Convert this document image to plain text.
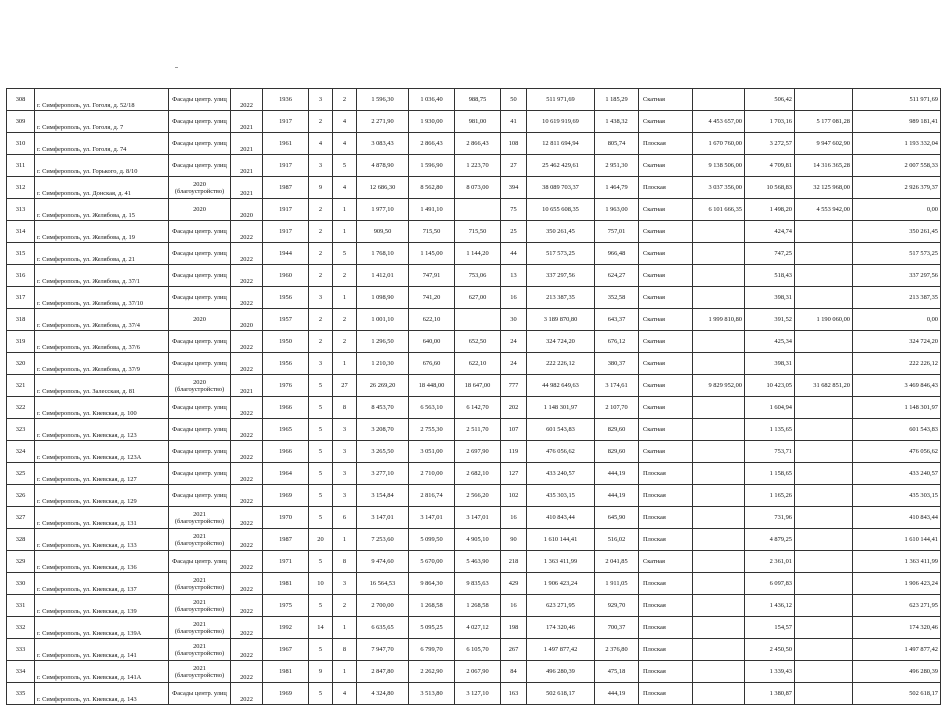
308	г. Симферополь, ул. Гоголя, д. 52/18	Фасады центр. улиц	2022	1936	3	2	1 596,30	1 036,40	988,75	50	511 971,69	1 185,29	Скатная		506,42		511 971,69
309	г. Симферополь, ул. Гоголя, д. 7	Фасады центр. улиц	2021	1917	2	4	2 271,90	1 930,00	981,00	41	10 619 919,69	1 438,32	Скатная	4 453 657,00	1 703,16	5 177 081,28	989 181,41
310	г. Симферополь, ул. Гоголя, д. 74	Фасады центр. улиц	2021	1961	4	4	3 083,43	2 866,43	2 866,43	108	12 811 694,94	805,74	Плоская	1 670 760,00	3 272,57	9 947 602,90	1 193 332,04
311	г. Симферополь, ул. Горького, д. 8/10	Фасады центр. улиц	2021	1917	3	5	4 878,90	1 596,90	1 223,70	27	25 462 429,61	2 951,30	Скатная	9 138 506,00	4 709,81	14 316 365,28	2 007 558,33
312	г. Симферополь, ул. Донская, д. 41	2020 (благоустройство)	2021	1987	9	4	12 686,30	8 562,80	8 073,00	394	38 089 703,37	1 464,79	Плоская	3 037 356,00	10 568,83	32 125 968,00	2 926 379,37
313	г. Симферополь, ул. Желябова, д. 15	2020	2020	1917	2	1	1 977,10	1 491,10		75	10 655 608,35	1 963,00	Скатная	6 101 666,35	1 498,20	4 553 942,00	0,00
314	г. Симферополь, ул. Желябова, д. 19	Фасады центр. улиц	2022	1917	2	1	909,50	715,50	715,50	25	350 261,45	757,01	Скатная		424,74		350 261,45
315	г. Симферополь, ул. Желябова, д. 21	Фасады центр. улиц	2022	1944	2	5	1 768,10	1 145,00	1 144,20	44	517 573,25	966,48	Скатная		747,25		517 573,25
316	г. Симферополь, ул. Желябова, д. 37/1	Фасады центр. улиц	2022	1960	2	2	1 412,01	747,91	753,06	13	337 297,56	624,27	Скатная		518,43		337 297,56
317	г. Симферополь, ул. Желябова, д. 37/10	Фасады центр. улиц	2022	1956	3	1	1 098,90	741,20	627,00	16	213 387,35	352,58	Скатная		398,31		213 387,35
318	г. Симферополь, ул. Желябова, д. 37/4	2020	2020	1957	2	2	1 001,10	622,10		30	3 189 870,80	643,37	Скатная	1 999 810,80	391,52	1 190 060,00	0,00
319	г. Симферополь, ул. Желябова, д. 37/6	Фасады центр. улиц	2022	1950	2	2	1 296,50	640,00	652,50	24	324 724,20	676,12	Скатная		425,34		324 724,20
320	г. Симферополь, ул. Желябова, д. 37/9	Фасады центр. улиц	2022	1956	3	1	1 210,30	676,60	622,10	24	222 226,12	380,37	Скатная		398,31		222 226,12
321	г. Симферополь, ул. Залесская, д. 81	2020 (благоустройство)	2021	1976	5	27	26 269,20	18 448,00	18 647,00	777	44 982 649,63	3 174,61	Скатная	9 829 952,00	10 423,05	31 682 851,20	3 469 846,43
322	г. Симферополь, ул. Киевская, д. 100	Фасады центр. улиц	2022	1966	5	8	8 453,70	6 563,10	6 142,70	202	1 148 301,97	2 107,70	Скатная		1 604,94		1 148 301,97
323	г. Симферополь, ул. Киевская, д. 123	Фасады центр. улиц	2022	1965	5	3	3 208,70	2 755,30	2 511,70	107	601 543,83	829,60	Скатная		1 135,65		601 543,83
324	г. Симферополь, ул. Киевская, д. 123А	Фасады центр. улиц	2022	1966	5	3	3 265,50	3 051,00	2 697,90	119	476 056,62	829,60	Скатная		753,71		476 056,62
325	г. Симферополь, ул. Киевская, д. 127	Фасады центр. улиц	2022	1964	5	3	3 277,10	2 710,00	2 682,10	127	433 240,57	444,19	Плоская		1 158,65		433 240,57
326	г. Симферополь, ул. Киевская, д. 129	Фасады центр. улиц	2022	1969	5	3	3 154,84	2 816,74	2 566,20	102	435 303,15	444,19	Плоская		1 165,26		435 303,15
327	г. Симферополь, ул. Киевская, д. 131	2021 (благоустройство)	2022	1970	5	6	3 147,01	3 147,01	3 147,01	16	410 843,44	645,90	Плоская		731,96		410 843,44
328	г. Симферополь, ул. Киевская, д. 133	2021 (благоустройство)	2022	1987	20	1	7 253,60	5 099,50	4 905,10	90	1 610 144,41	516,02	Плоская		4 879,25		1 610 144,41
329	г. Симферополь, ул. Киевская, д. 136	Фасады центр. улиц	2022	1971	5	8	9 474,60	5 670,00	5 463,90	218	1 363 411,99	2 041,85	Скатная		2 361,01		1 363 411,99
330	г. Симферополь, ул. Киевская, д. 137	2021 (благоустройство)	2022	1981	10	3	16 564,53	9 864,30	9 835,63	429	1 906 423,24	1 911,05	Плоская		6 097,83		1 906 423,24
331	г. Симферополь, ул. Киевская, д. 139	2021 (благоустройство)	2022	1975	5	2	2 700,00	1 268,58	1 268,58	16	623 271,95	929,70	Плоская		1 436,12		623 271,95
332	г. Симферополь, ул. Киевская, д. 139А	2021 (благоустройство)	2022	1992	14	1	6 635,65	5 095,25	4 027,12	198	174 320,46	700,37	Плоская		154,57		174 320,46
333	г. Симферополь, ул. Киевская, д. 141	2021 (благоустройство)	2022	1967	5	8	7 947,70	6 799,70	6 105,70	267	1 497 877,42	2 376,80	Плоская		2 450,50		1 497 877,42
334	г. Симферополь, ул. Киевская, д. 141А	2021 (благоустройство)	2022	1981	9	1	2 847,80	2 262,90	2 067,90	84	496 280,39	475,18	Плоская		1 339,43		496 280,39
335	г. Симферополь, ул. Киевская, д. 143	Фасады центр. улиц	2022	1969	5	4	4 324,80	3 513,80	3 127,10	163	502 618,17	444,19	Плоская		1 380,87		502 618,17
